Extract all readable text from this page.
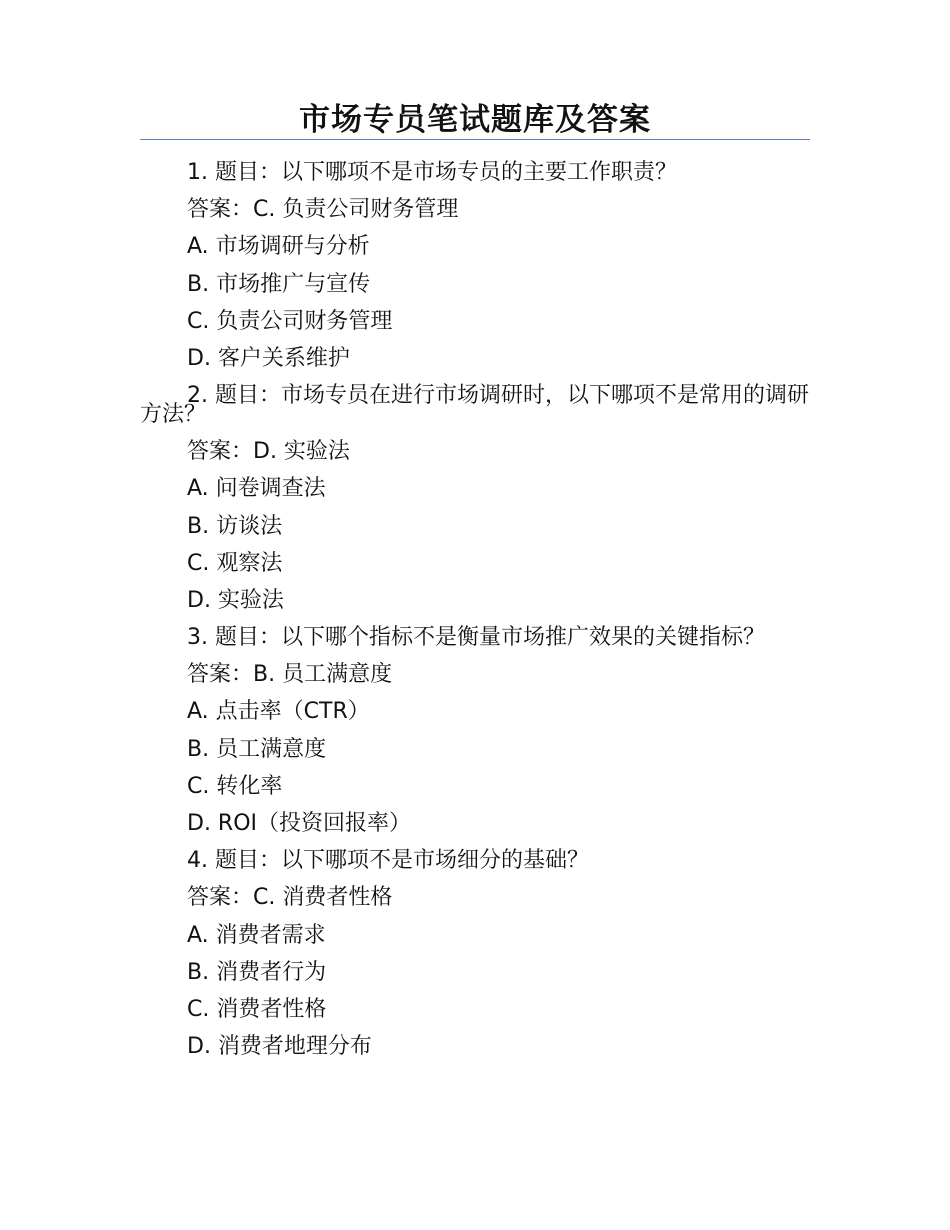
市场专员笔试题库及答案

1. 题目：以下哪项不是市场专员的主要工作职责？

答案：C. 负责公司财务管理

A. 市场调研与分析

B. 市场推广与宣传

C. 负责公司财务管理

D. 客户关系维护

2. 题目：市场专员在进行市场调研时，以下哪项不是常用的调研方法？

答案：D. 实验法

A. 问卷调查法

B. 访谈法

C. 观察法

D. 实验法

3. 题目：以下哪个指标不是衡量市场推广效果的关键指标？

答案：B. 员工满意度

A. 点击率（CTR）

B. 员工满意度

C. 转化率

D. ROI（投资回报率）

4. 题目：以下哪项不是市场细分的基础？

答案：C. 消费者性格

A. 消费者需求

B. 消费者行为

C. 消费者性格

D. 消费者地理分布
